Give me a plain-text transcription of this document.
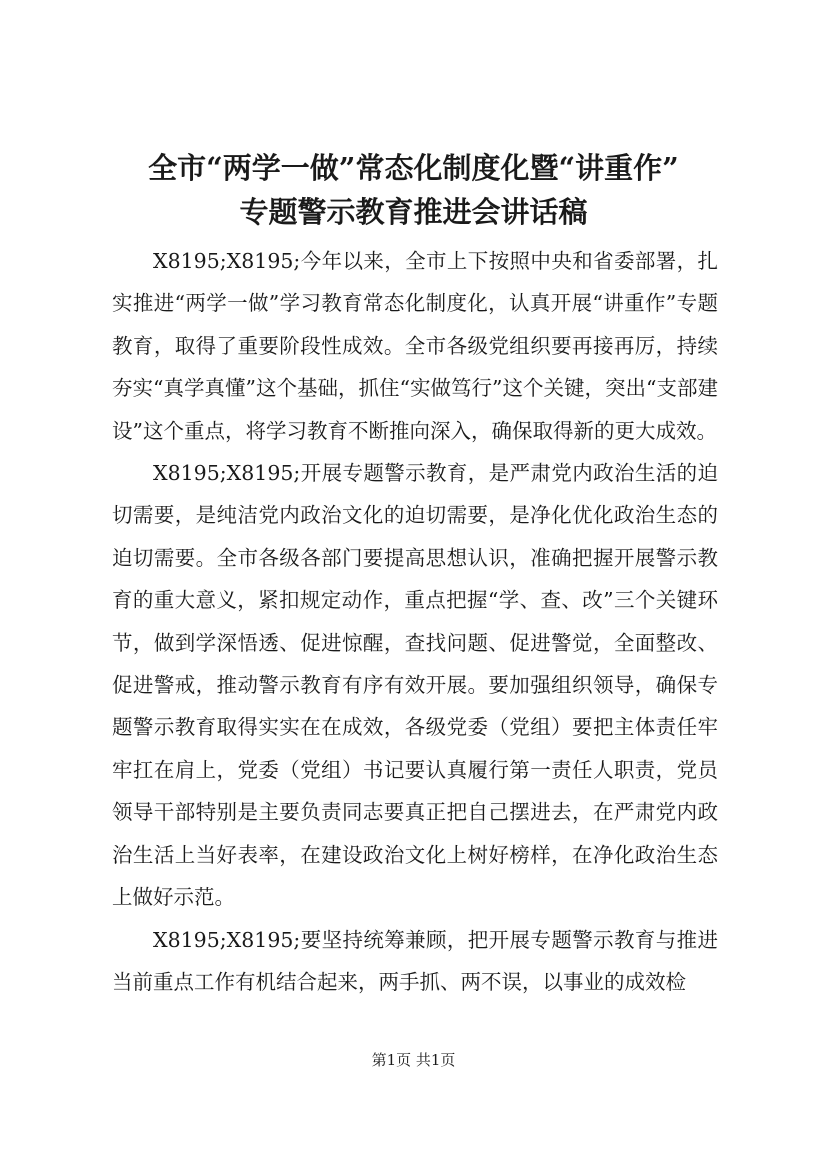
全市“两学一做”常态化制度化暨“讲重作”
专题警示教育推进会讲话稿

X8195;X8195;今年以来，全市上下按照中央和省委部署，扎实推进“两学一做”学习教育常态化制度化，认真开展“讲重作”专题教育，取得了重要阶段性成效。全市各级党组织要再接再厉，持续夯实“真学真懂”这个基础，抓住“实做笃行”这个关键，突出“支部建设”这个重点，将学习教育不断推向深入，确保取得新的更大成效。

X8195;X8195;开展专题警示教育，是严肃党内政治生活的迫切需要，是纯洁党内政治文化的迫切需要，是净化优化政治生态的迫切需要。全市各级各部门要提高思想认识，准确把握开展警示教育的重大意义，紧扣规定动作，重点把握“学、查、改”三个关键环节，做到学深悟透、促进惊醒，查找问题、促进警觉，全面整改、促进警戒，推动警示教育有序有效开展。要加强组织领导，确保专题警示教育取得实实在在成效，各级党委（党组）要把主体责任牢牢扛在肩上，党委（党组）书记要认真履行第一责任人职责，党员领导干部特别是主要负责同志要真正把自己摆进去，在严肃党内政治生活上当好表率，在建设政治文化上树好榜样，在净化政治生态上做好示范。

X8195;X8195;要坚持统筹兼顾，把开展专题警示教育与推进当前重点工作有机结合起来，两手抓、两不误，以事业的成效检

第1页 共1页
